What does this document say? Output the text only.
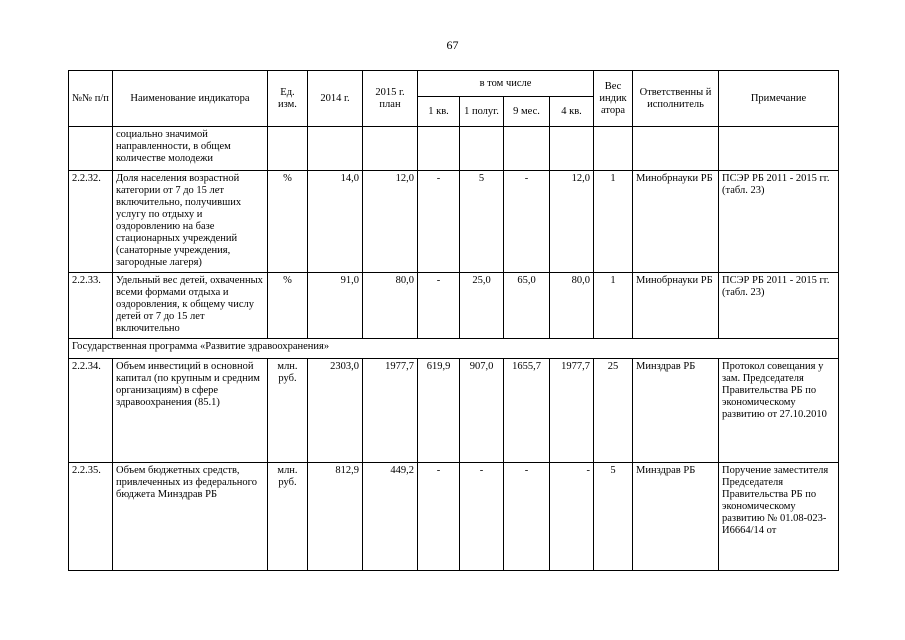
67
№№ п/п	Наименование индикатора	Ед. изм.	2014 г.	2015 г. план	в том числе				Вес индик атора	Ответственны й исполнитель	Примечание
					1 кв.	1 полуг.	9 мес.	4 кв.			
	социально значимой направленности, в общем количестве молодежи										
2.2.32.	Доля населения возрастной категории от 7 до 15 лет включительно, получивших услугу по отдыху и оздоровлению на базе стационарных учреждений (санаторные учреждения, загородные лагеря)	%	14,0	12,0	-	5	-	12,0	1	Минобрнауки РБ	ПСЭР РБ 2011 - 2015 гг. (табл. 23)
2.2.33.	Удельный вес детей, охваченных всеми формами отдыха и оздоровления, к общему числу детей от 7 до 15 лет включительно	%	91,0	80,0	-	25,0	65,0	80,0	1	Минобрнауки РБ	ПСЭР РБ 2011 - 2015 гг. (табл. 23)
Государственная программа «Развитие здравоохранения»											
2.2.34.	Объем инвестиций в основной капитал (по крупным и средним организациям) в сфере здравоохранения (85.1)	млн. руб.	2303,0	1977,7	619,9	907,0	1655,7	1977,7	25	Минздрав РБ	Протокол совещания у зам. Председателя Правительства РБ по экономическому развитию от 27.10.2010
2.2.35.	Объем бюджетных средств, привлеченных из федерального бюджета Минздрав РБ	млн. руб.	812,9	449,2	-	-	-	-	5	Минздрав РБ	Поручение заместителя Председателя Правительства РБ по экономическому развитию № 01.08-023-И6664/14 от
